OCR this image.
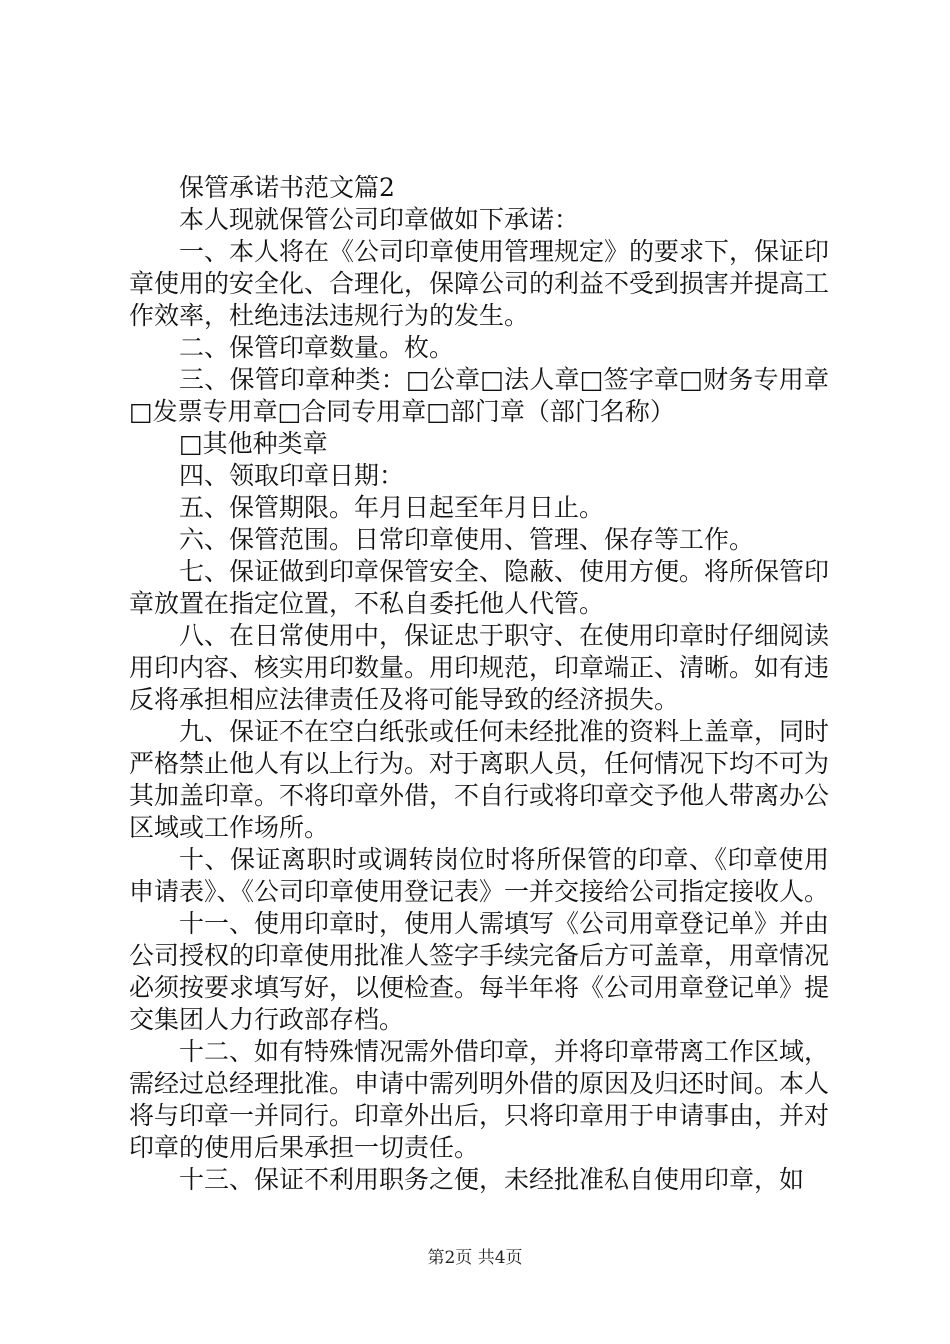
保管承诺书范文篇2

本人现就保管公司印章做如下承诺：

一、本人将在《公司印章使用管理规定》的要求下，保证印章使用的安全化、合理化，保障公司的利益不受到损害并提高工作效率，杜绝违法违规行为的发生。

二、保管印章数量。枚。

三、保管印章种类：□公章□法人章□签字章□财务专用章□发票专用章□合同专用章□部门章（部门名称）

□其他种类章

四、领取印章日期：

五、保管期限。年月日起至年月日止。

六、保管范围。日常印章使用、管理、保存等工作。

七、保证做到印章保管安全、隐蔽、使用方便。将所保管印章放置在指定位置，不私自委托他人代管。

八、在日常使用中，保证忠于职守、在使用印章时仔细阅读用印内容、核实用印数量。用印规范，印章端正、清晰。如有违反将承担相应法律责任及将可能导致的经济损失。

九、保证不在空白纸张或任何未经批准的资料上盖章，同时严格禁止他人有以上行为。对于离职人员，任何情况下均不可为其加盖印章。不将印章外借，不自行或将印章交予他人带离办公区域或工作场所。

十、保证离职时或调转岗位时将所保管的印章、《印章使用申请表》、《公司印章使用登记表》一并交接给公司指定接收人。

十一、使用印章时，使用人需填写《公司用章登记单》并由公司授权的印章使用批准人签字手续完备后方可盖章，用章情况必须按要求填写好，以便检查。每半年将《公司用章登记单》提交集团人力行政部存档。

十二、如有特殊情况需外借印章，并将印章带离工作区域，需经过总经理批准。申请中需列明外借的原因及归还时间。本人将与印章一并同行。印章外出后，只将印章用于申请事由，并对印章的使用后果承担一切责任。

十三、保证不利用职务之便，未经批准私自使用印章，如

第2页 共4页
